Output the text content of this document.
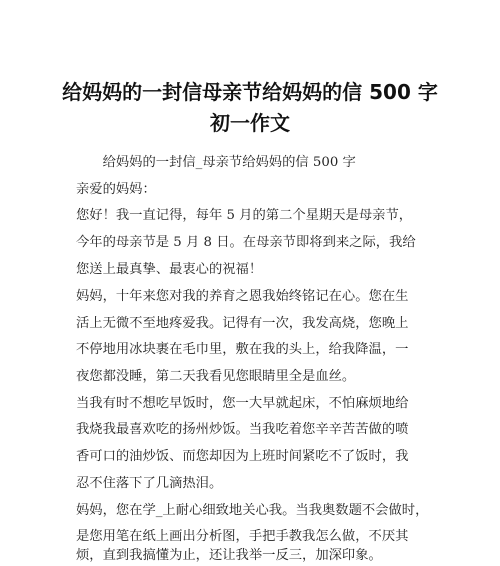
给妈妈的一封信母亲节给妈妈的信 500 字
初一作文
　　给妈妈的一封信_母亲节给妈妈的信 500 字
亲爱的妈妈：
您好！我一直记得，每年 5 月的第二个星期天是母亲节，
今年的母亲节是 5 月 8 日。在母亲节即将到来之际，我给
您送上最真挚、最衷心的祝福！
妈妈，十年来您对我的养育之恩我始终铭记在心。您在生
活上无微不至地疼爱我。记得有一次，我发高烧，您晚上
不停地用冰块裹在毛巾里，敷在我的头上，给我降温，一
夜您都没睡，第二天我看见您眼睛里全是血丝。
当我有时不想吃早饭时，您一大早就起床，不怕麻烦地给
我烧我最喜欢吃的扬州炒饭。当我吃着您辛辛苦苦做的喷
香可口的油炒饭、而您却因为上班时间紧吃不了饭时，我
忍不住落下了几滴热泪。
妈妈，您在学_上耐心细致地关心我。当我奥数题不会做时，
是您用笔在纸上画出分析图，手把手教我怎么做，不厌其
烦，直到我搞懂为止，还让我举一反三，加深印象。
